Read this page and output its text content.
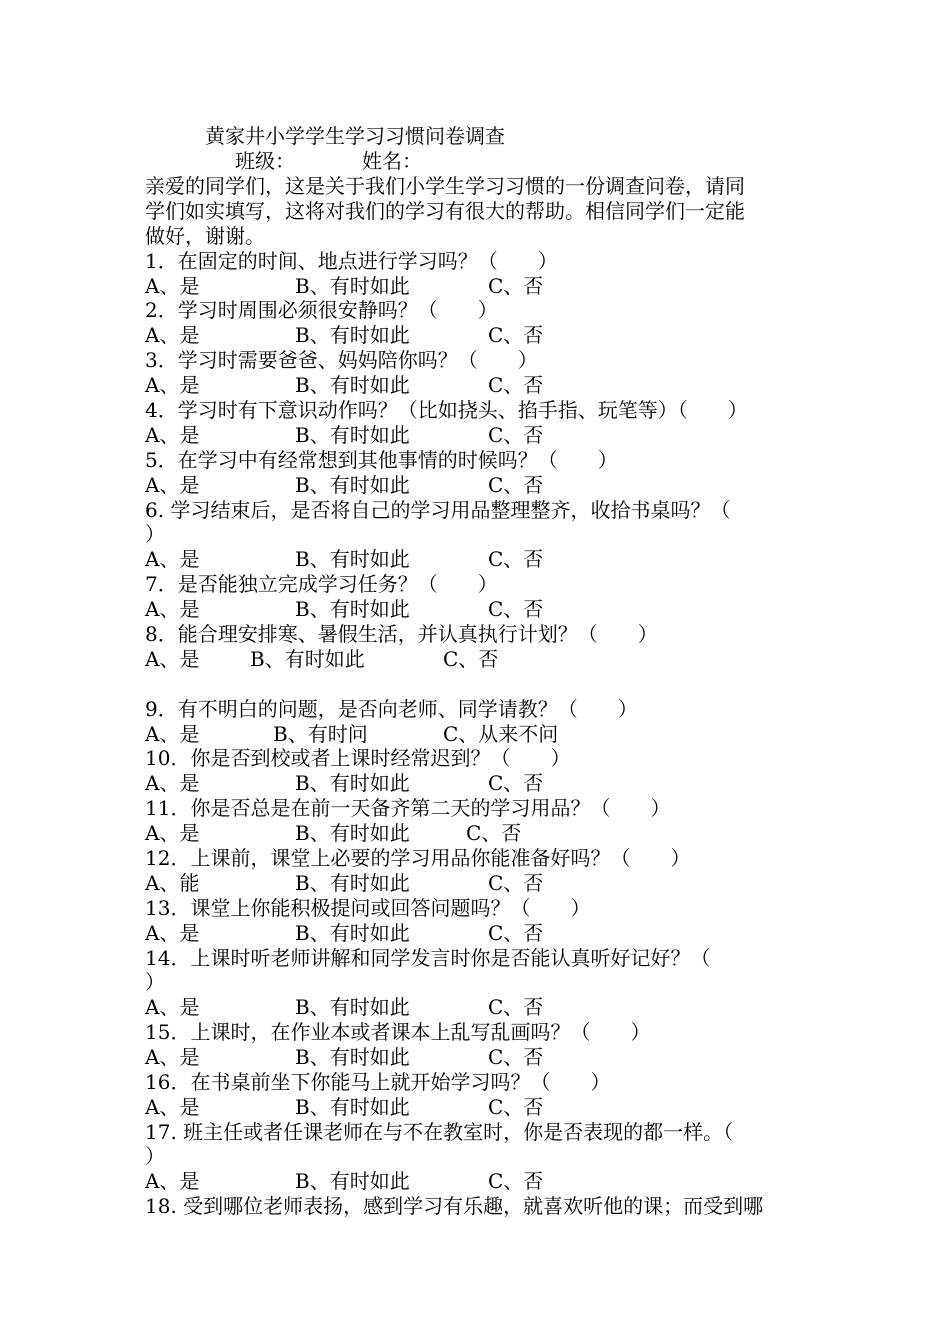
黄家井小学学生学习习惯问卷调查
班级：	姓名：
亲爱的同学们，这是关于我们小学生学习习惯的一份调查问卷，请同
学们如实填写，这将对我们的学习有很大的帮助。相信同学们一定能
做好，谢谢。
1．在固定的时间、地点进行学习吗？（　　）
A、是	B、有时如此	C、否
2．学习时周围必须很安静吗？（　　）
A、是	B、有时如此	C、否
3．学习时需要爸爸、妈妈陪你吗？（　　）
A、是	B、有时如此	C、否
4．学习时有下意识动作吗？（比如挠头、掐手指、玩笔等）（　　）
A、是	B、有时如此	C、否
5．在学习中有经常想到其他事情的时候吗？（　　）
A、是	B、有时如此	C、否
6. 学习结束后，是否将自己的学习用品整理整齐，收拾书桌吗？（
）
A、是	B、有时如此	C、否
7．是否能独立完成学习任务？（　　）
A、是	B、有时如此	C、否
8．能合理安排寒、暑假生活，并认真执行计划？（　　）
A、是	B、有时如此	C、否
9．有不明白的问题，是否向老师、同学请教？（　　）
A、是	B、有时问	C、从来不问
10．你是否到校或者上课时经常迟到？（　　）
A、是	B、有时如此	C、否
11．你是否总是在前一天备齐第二天的学习用品？（　　）
A、是	B、有时如此	C、否
12．上课前，课堂上必要的学习用品你能准备好吗？（　　）
A、能	B、有时如此	C、否
13．课堂上你能积极提问或回答问题吗？（　　）
A、是	B、有时如此	C、否
14．上课时听老师讲解和同学发言时你是否能认真听好记好？（
）
A、是	B、有时如此	C、否
15．上课时，在作业本或者课本上乱写乱画吗？（　　）
A、是	B、有时如此	C、否
16．在书桌前坐下你能马上就开始学习吗？（　　）
A、是	B、有时如此	C、否
17. 班主任或者任课老师在与不在教室时，你是否表现的都一样。（
）
A、是	B、有时如此	C、否
18. 受到哪位老师表扬，感到学习有乐趣，就喜欢听他的课；而受到哪
